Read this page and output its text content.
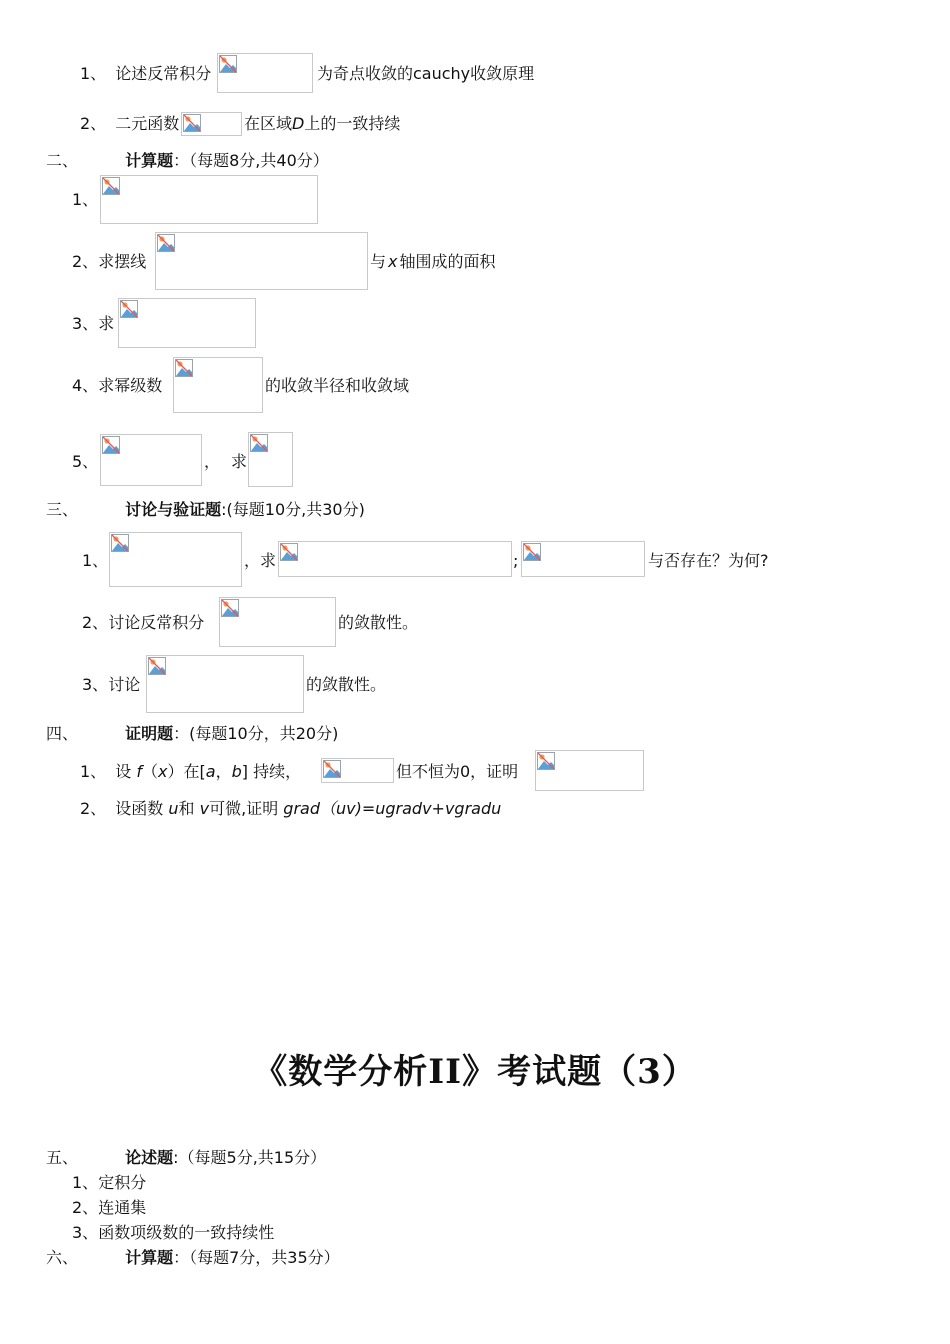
1、 论述反常积分	为奇点收敛的cauchy收敛原理
2、 二元函数	在区域D上的一致持续
二、	计算题：（每题8分,共40分）
1、
2、求摆线	与 x 轴围成的面积
3、求
4、求幂级数	的收敛半径和收敛域
5、	， 求
三、	讨论与验证题:(每题10分,共30分)
1、	，求	;	与否存在？为何?
2、讨论反常积分	的敛散性。
3、讨论	的敛散性。
四、	证明题：(每题10分，共20分)
1、 设 f（x）在[a，b] 持续，	但不恒为0，证明
2、 设函数 u和 v可微,证明 grad（uv)=ugradv+vgradu
《数学分析II》考试题（3）
五、	论述题:（每题5分,共15分）
1、定积分
2、连通集
3、函数项级数的一致持续性
六、	计算题：（每题7分，共35分）
